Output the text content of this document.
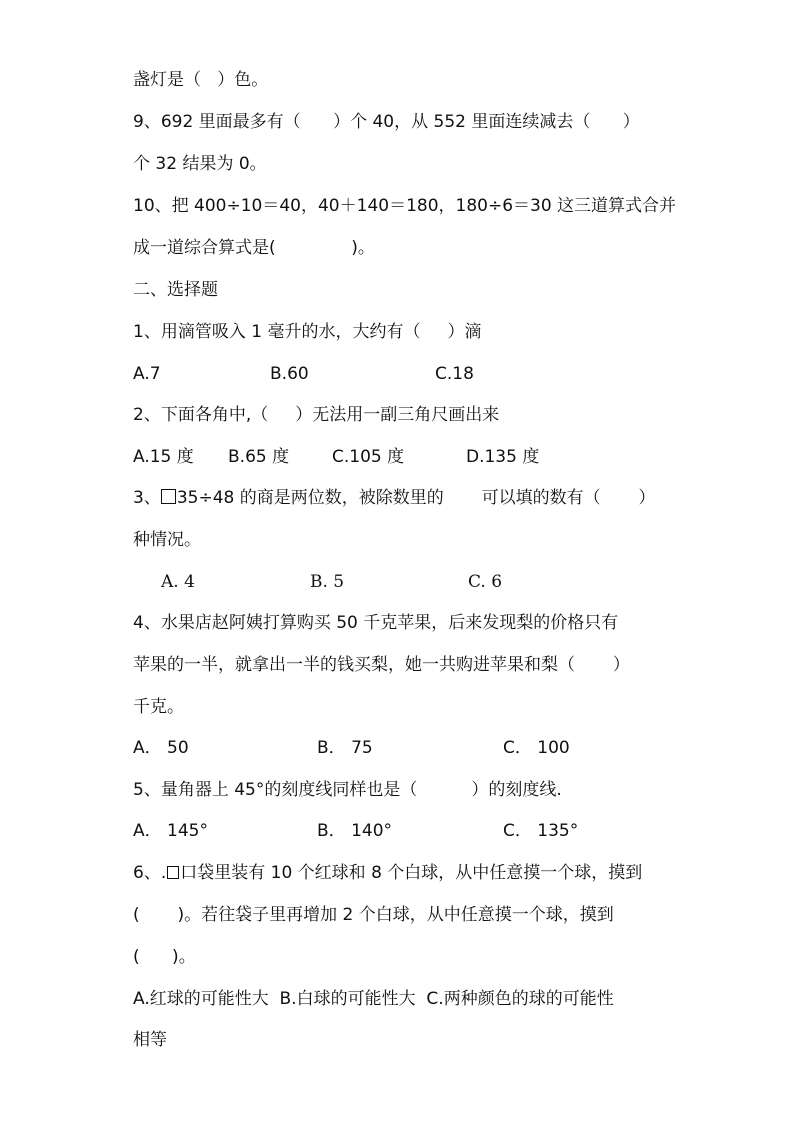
盏灯是（   ）色。
9、692 里面最多有（      ）个 40，从 552 里面连续减去（      ）
个 32 结果为 0。
10、把 400÷10＝40，40＋140＝180，180÷6＝30 这三道算式合并
成一道综合算式是(              )。
二、选择题
1、用滴管吸入 1 毫升的水，大约有（     ）滴
A.7	B.60	C.18
2、下面各角中,（     ）无法用一副三角尺画出来
A.15 度 B.65 度	C.105 度	D.135 度
3、 35÷48 的商是两位数，被除数里的       可以填的数有（       ）
种情况。
A. 4	B. 5	C. 6
4、水果店赵阿姨打算购买 50 千克苹果，后来发现梨的价格只有
苹果的一半，就拿出一半的钱买梨，她一共购进苹果和梨（       ）
千克。
A． 50	B． 75	C． 100
5、量角器上 45°的刻度线同样也是（          ）的刻度线.
A． 145°	B． 140°	C． 135°
6、. 口袋里装有 10 个红球和 8 个白球，从中任意摸一个球，摸到
(       )。若往袋子里再增加 2 个白球，从中任意摸一个球，摸到
(      )。
A.红球的可能性大  B.白球的可能性大  C.两种颜色的球的可能性
相等
